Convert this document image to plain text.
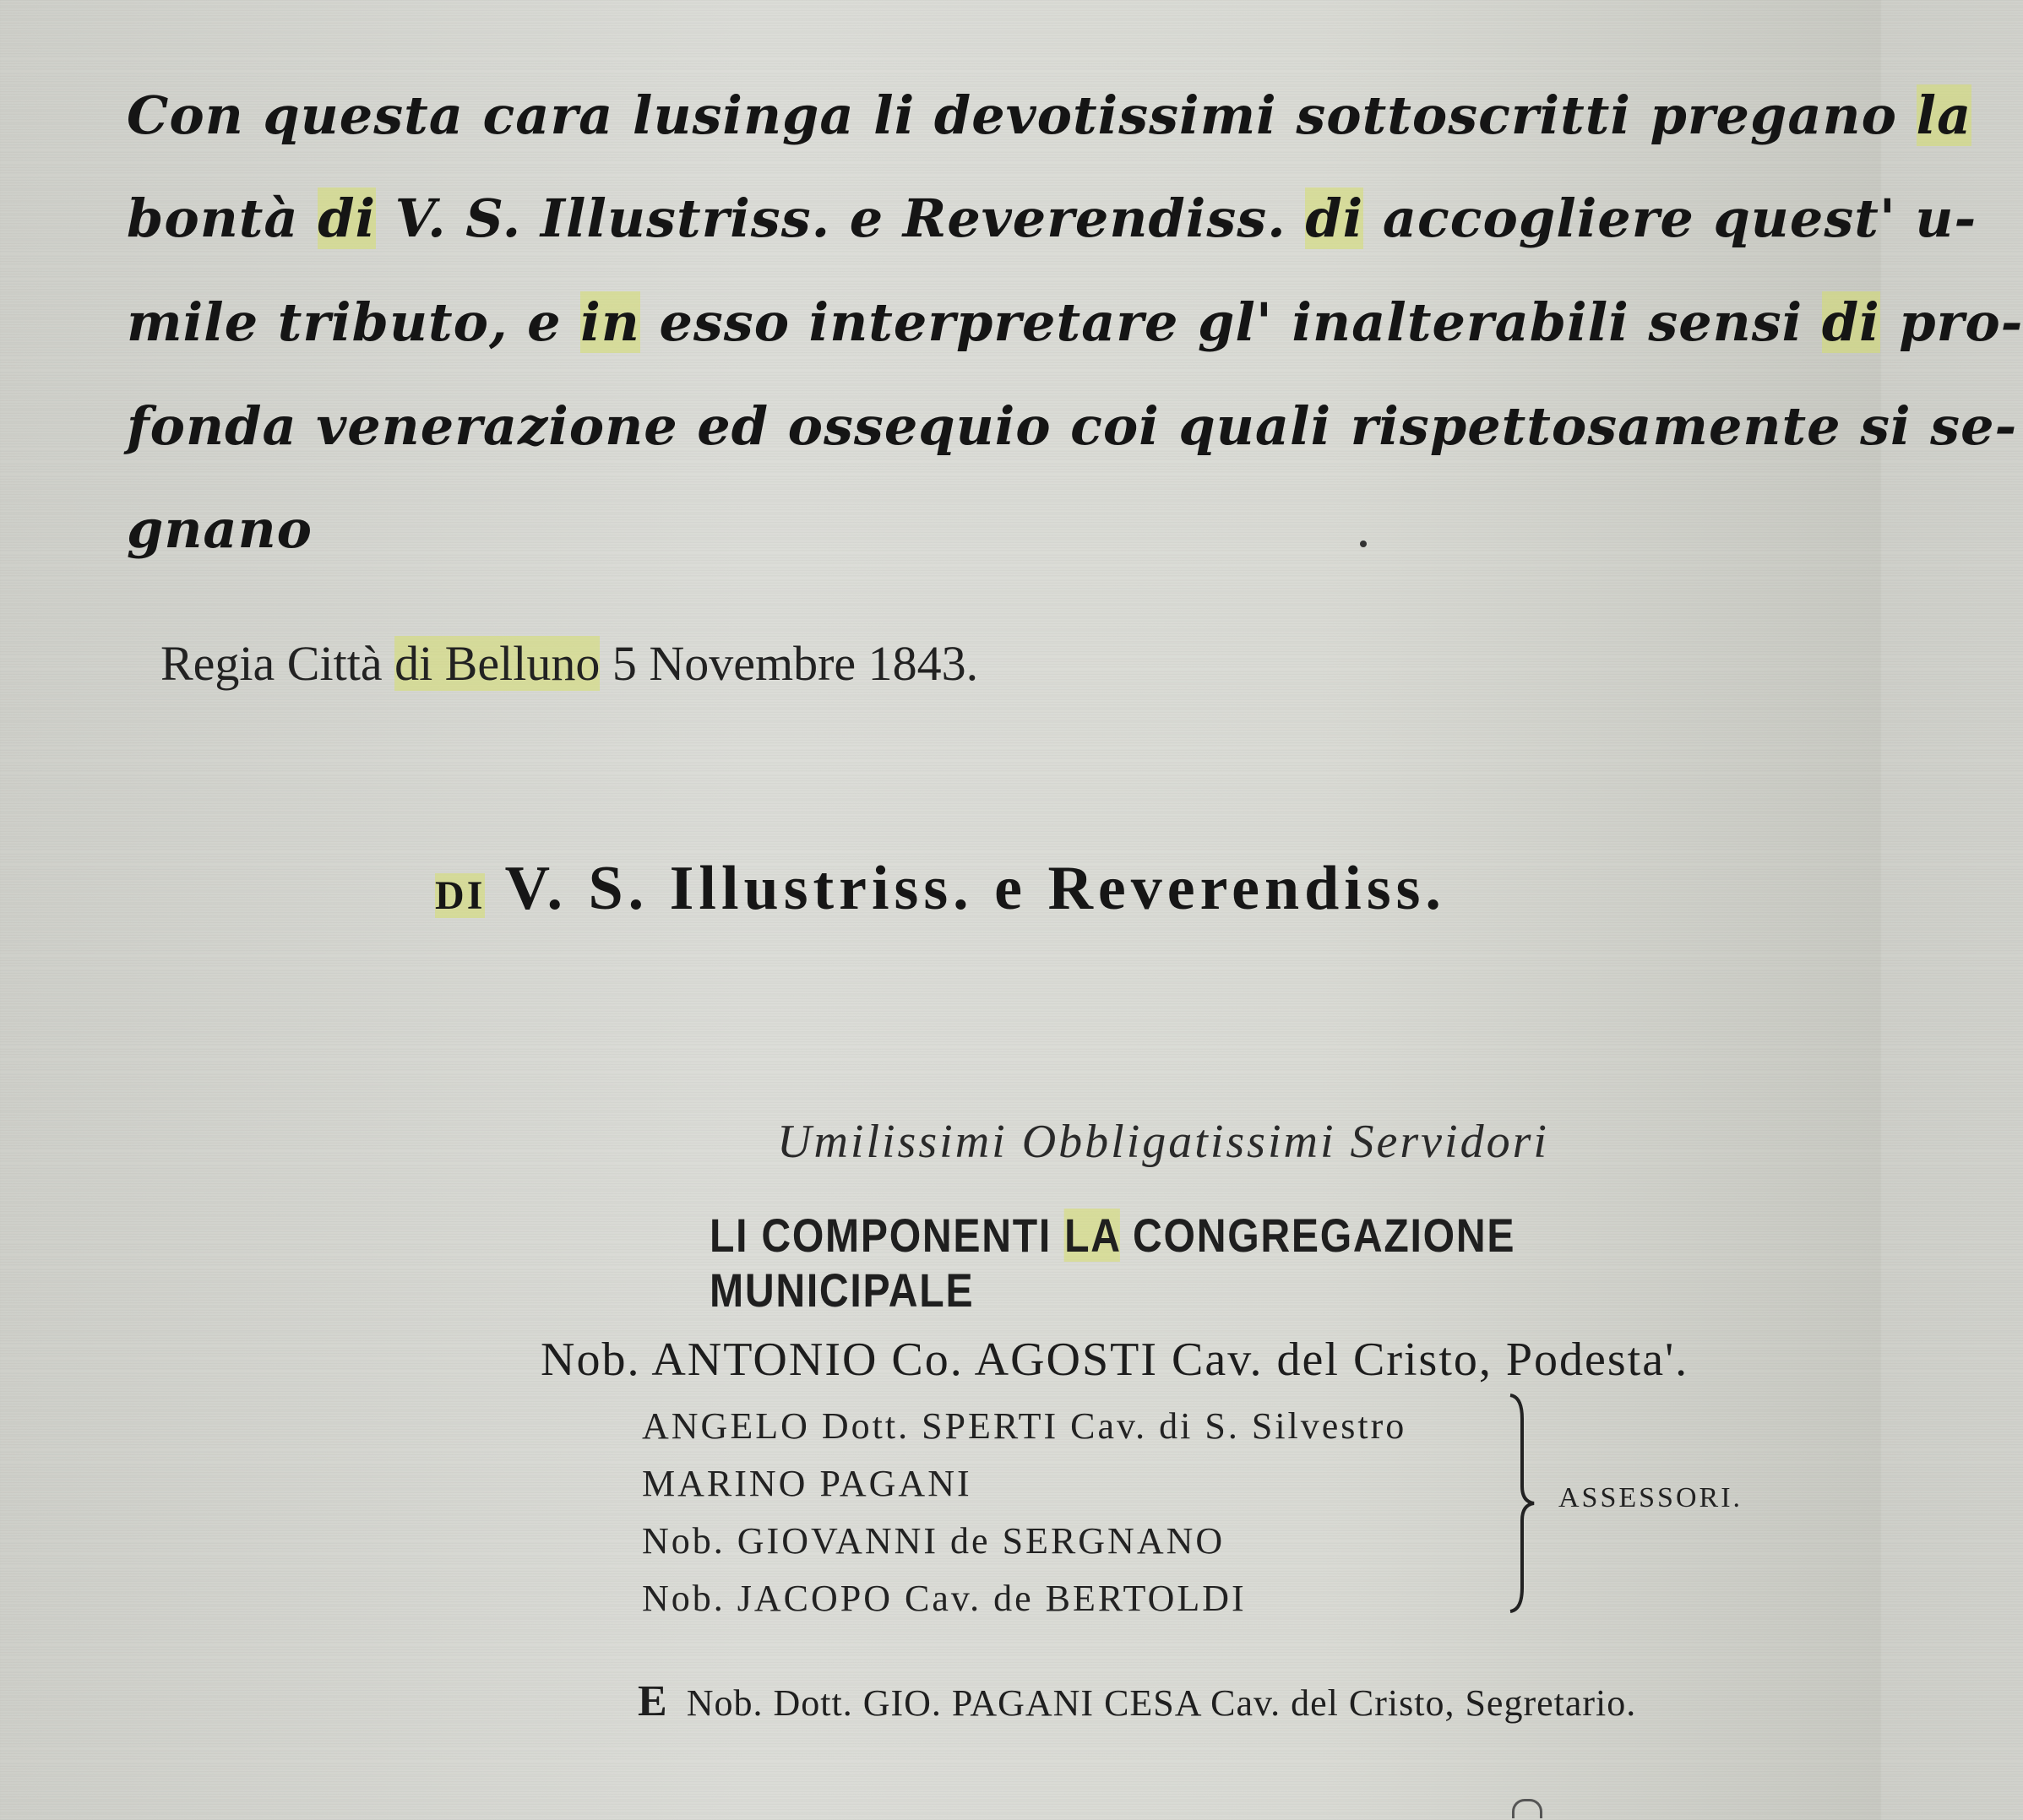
Con questa cara lusinga li devotissimi sottoscritti pregano la
bontà di V. S. Illustriss. e Reverendiss. di accogliere quest' u-
mile tributo, e in esso interpretare gl' inalterabili sensi di pro-
fonda venerazione ed ossequio coi quali rispettosamente si se-
gnano
Regia Città di Belluno 5 Novembre 1843.
DI V. S. Illustriss. e Reverendiss.
Umilissimi Obbligatissimi Servidori
LI COMPONENTI LA CONGREGAZIONE MUNICIPALE
Nob. ANTONIO Co. AGOSTI Cav. del Cristo, Podesta'.
ANGELO Dott. SPERTI Cav. di S. Silvestro
MARINO PAGANI
Nob. GIOVANNI de SERGNANO
Nob. JACOPO Cav. de BERTOLDI
ASSESSORI.
E Nob. Dott. GIO. PAGANI CESA Cav. del Cristo, Segretario.
